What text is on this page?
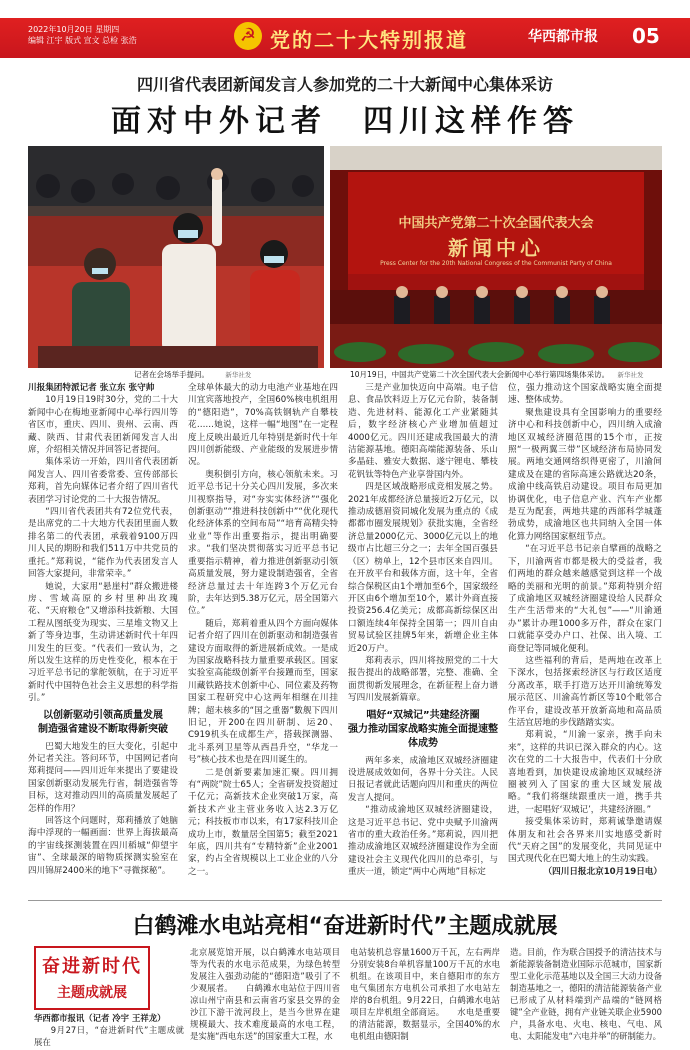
2022年10月20日 星期四
编辑 江宇 版式 宣文 总检 张浩	☭ 党的二十大特别报道	华西都市报 05
四川省代表团新闻发言人参加党的二十大新闻中心集体采访
面对中外记者　四川这样作答
中国共产党第二十次全国代表大会
新闻中心
Press Center for the 20th National Congress of the Communist Party of China
记者在会场举手提问。	新华社发	10月19日，中国共产党第二十次全国代表大会新闻中心举行第四场集体采访。 新华社发
川报集团特派记者 张立东 张守帅

10月19日19时30分，党的二十大新闻中心在梅地亚新闻中心举行四川等省区市，重庆、四川、贵州、云南、西藏、陕西、甘肃代表团新闻发言人出席，介绍相关情况并回答记者提问。

集体采访一开始，四川省代表团新闻发言人、四川省委常委、宣传部部长郑莉，首先向媒体记者介绍了四川省代表团学习讨论党的二十大报告情况。

“四川省代表团共有72位党代表，是出席党的二十大地方代表团里面人数排名第二的代表团，承载着9100万四川人民的期盼和我们511万中共党员的重托。”郑莉说，“能作为代表团发言人回答大家提问，非常荣幸。”

她说，大家用“悬崖村”群众搬进楼房、雪域高原的乡村里种出玫瑰花、“天府粮仓”又增添科技新粮、大国工程从图纸变为现实、三星堆文物又上新了等身边事，生动讲述新时代十年四川发生的巨变。“代表们一致认为，之所以发生这样的历史性变化，根本在于习近平总书记的掌舵领航，在于习近平新时代中国特色社会主义思想的科学指引。”

以创新驱动引领高质量发展
制造强省建设不断取得新突破

巴蜀大地发生的巨大变化，引起中外记者关注。答问环节，中国网记者向郑莉提问——四川近年来提出了要建设国家创新驱动发展先行省，制造强省等目标，这对推动四川的高质量发展起了怎样的作用？

回答这个问题时，郑莉播放了她脑海中浮现的一幅画面：世界上海拔最高的宇宙线探测装置在四川稻城“仰望宇宙”、全球最深的暗物质探测实验室在四川锦屏2400米的地下“寻微探秘”。

全球单体最大的动力电池产业基地在四川宜宾落地投产，全国60%核电机组用的“德阳造”，70%高铁钢轨产自攀枝花……她说，这样一幅“地图”在一定程度上反映出最近几年特别是新时代十年四川创新能级、产业能级的发展进步情况。

奥积倒引方向，核心领航未来。习近平总书记十分关心四川发展，多次来川视察指导，对“夯实实体经济”“强化创新驱动”“推进科技创新中”“优化现代化经济体系的空间布局”“培育高精尖特业业”等作出重要指示，提出明确要求。“我们坚决贯彻落实习近平总书记重要指示精神，着力推进创新驱动引领高质量发展，努力建设制造强省，全省经济总量过去十年连跨3个万亿元台阶，去年达到5.38万亿元，居全国第六位。”

随后，郑莉着重从四个方面向媒体记者介绍了四川在创新驱动和制造强省建设方面取得的新进展新成效。一是成为国家战略科技力量重要承载区。国家实验室高能级创新平台接踵而至，国家川藏铁路技术创新中心、同位素及药物国家工程研究中心这两年相继在川挂牌；超未核多的“国之重器”數舰下四川旧记，开200在四川研制、运20、C919机头在成都生产，搭载探测器、北斗系列卫星等从西昌升空，“华龙一号”核心技术也是在四川诞生的。

二是创新要素加速汇聚。四川拥有“两院”院士65人；全省研发投资超过千亿元；高新技术企业突破1万家，高新技术产业主营业务收入达2.3万亿元；科技板市市以来，有17家科技川企成功上市，数量居全国第5；截至2021年底，四川共有“专精特新”企业2001家，约占全省规模以上工业企业的八分之一。

三是产业加快迈向中高端。电子信息、食品饮料迈上万亿元台阶，装备制造、先进材料、能源化工产业紧随其后，数字经济核心产业增加值超过4000亿元。四川还建成我国最大的清洁能源基地。德阳高端能源装备、乐山多晶硅、雅安大数据、遂宁锂电、攀枝花钒钛等特色产业享誉国内外。

四是区域战略形成竞相发展之势。2021年成都经济总量接近2万亿元，以推动成德眉资同城化发展为重点的《成都都市圈发展规划》获批实施，全省经济总量2000亿元、3000亿元以上的地级市占比超三分之一；去年全国百强县（区）榜单上，12个县市区来自四川。在开放平台和载体方面，这十年，全省综合保税区由1个增加至6个，国家级经开区由6个增加至10个，累计外商直接投资256.4亿美元；成都高新综保区出口额连续4年保持全国第一；四川自由贸易试验区挂牌5年来，新增企业主体近20万户。

郑莉表示，四川将按照党的二十大报告提出的战略部署，完整、准确、全面贯彻新发展理念，在新征程上奋力谱写四川发展新篇章。

唱好“双城记”共建经济圈
强力推动国家战略实施全面提速整体成势

两年多来，成渝地区双城经济圈建设进展成效如何，各界十分关注。人民日报记者就此话题向四川和重庆的两位发言人提问。

“推动成渝地区双城经济圈建设，这是习近平总书记、党中央赋予川渝两省市的重大政治任务。”郑莉说，四川把推动成渝地区双城经济圈建设作为全面建设社会主义现代化四川的总牵引，与重庆一道，锁定“两中心两地”目标定

位，强力推动这个国家战略实施全面提速、整体成势。

聚焦建设具有全国影响力的重要经济中心和科技创新中心，四川纳入成渝地区双城经济圈范围的15个市，正按照“一极两翼三带”区域经济布局协同发展。两地交通网络织得更密了，川渝间建成及在建的省际高速公路就达20条，成渝中线高铁启动建设。项目布局更加协调优化，电子信息产业、汽车产业都是互为配套，两地共建的西部科学城蓬勃成势，成渝地区也共同纳入全国一体化算力网络国家枢纽节点。

“在习近平总书记亲自擘画的战略之下，川渝两省市都是极大的受益者，我们两地的群众越来越感觉到这样一个战略的美丽和光明的前景。”郑莉特别介绍了成渝地区双城经济圈建设给人民群众生产生活带来的“大礼包”——“川渝通办”累计办理1000多万件，群众在家门口就能享受办户口、社保、出入境、工商登记等同城化便利。

这些福利的背后，是两地在改革上下深水，包括探索经济区与行政区适度分离改革，联手打造万达开川渝统筹发展示范区、川渝高竹新区等10个毗邻合作平台，建设改革开放新高地和高品质生活宜居地的步伐踏踏实实。

郑莉说，“川渝一家亲，携手向未来”，这样的共识已深入群众的内心。这次在党的二十大报告中，代表们十分欣喜地看到，加快建设成渝地区双城经济圈被列入了国家的重大区域发展战略。“我们将继续跟重庆一道，携手共进，一起唱好‘双城记’，共建经济圈。”

接受集体采访时，郑莉诚挚邀请媒体朋友和社会各界来川实地感受新时代“天府之国”的发展变化，共同见证中国式现代化在巴蜀大地上的生动实践。

（四川日报北京10月19日电）
白鹤滩水电站亮相“奋进新时代”主题成就展
奋进新时代
主题成就展
华西都市报讯（记者 冷宇 王祥龙）
9月27日，“奋进新时代”主题成就展在
北京展览馆开展，以白鹤滩水电站项目等为代表的水电示范成果，为绿色转型发展注入强劲动能的“德阳造”吸引了不少观展者。　　白鹤滩水电站位于四川省凉山州宁南县和云南省巧家县交界的金沙江下游干流河段上，是当今世界在建规模最大、技术难度最高的水电工程，是实施“西电东送”的国家重大工程，水
电站装机总容量1600万千瓦，左右两岸分别安装8台单机容量100万千瓦的水电机组。在该项目中，来自德阳市的东方电气集团东方电机公司承担了水电站左岸的8台机组。9月22日，白鹤滩水电站项目左岸机组全部商运。　　水电是重要的清洁能源，数据显示，全国40%的水电机组由德阳制
造。目前，作为联合国授予的清洁技术与新能源装备制造业国际示范城市，国家新型工业化示范基地以及全国三大动力设备制造基地之一，德阳的清洁能源装备产业已形成了从材料端到产品端的“链网格键”全产业链，拥有产业链关联企业5900户，具备水电、火电、核电、气电、风电、太阳能发电“六电并举”的研制能力。
